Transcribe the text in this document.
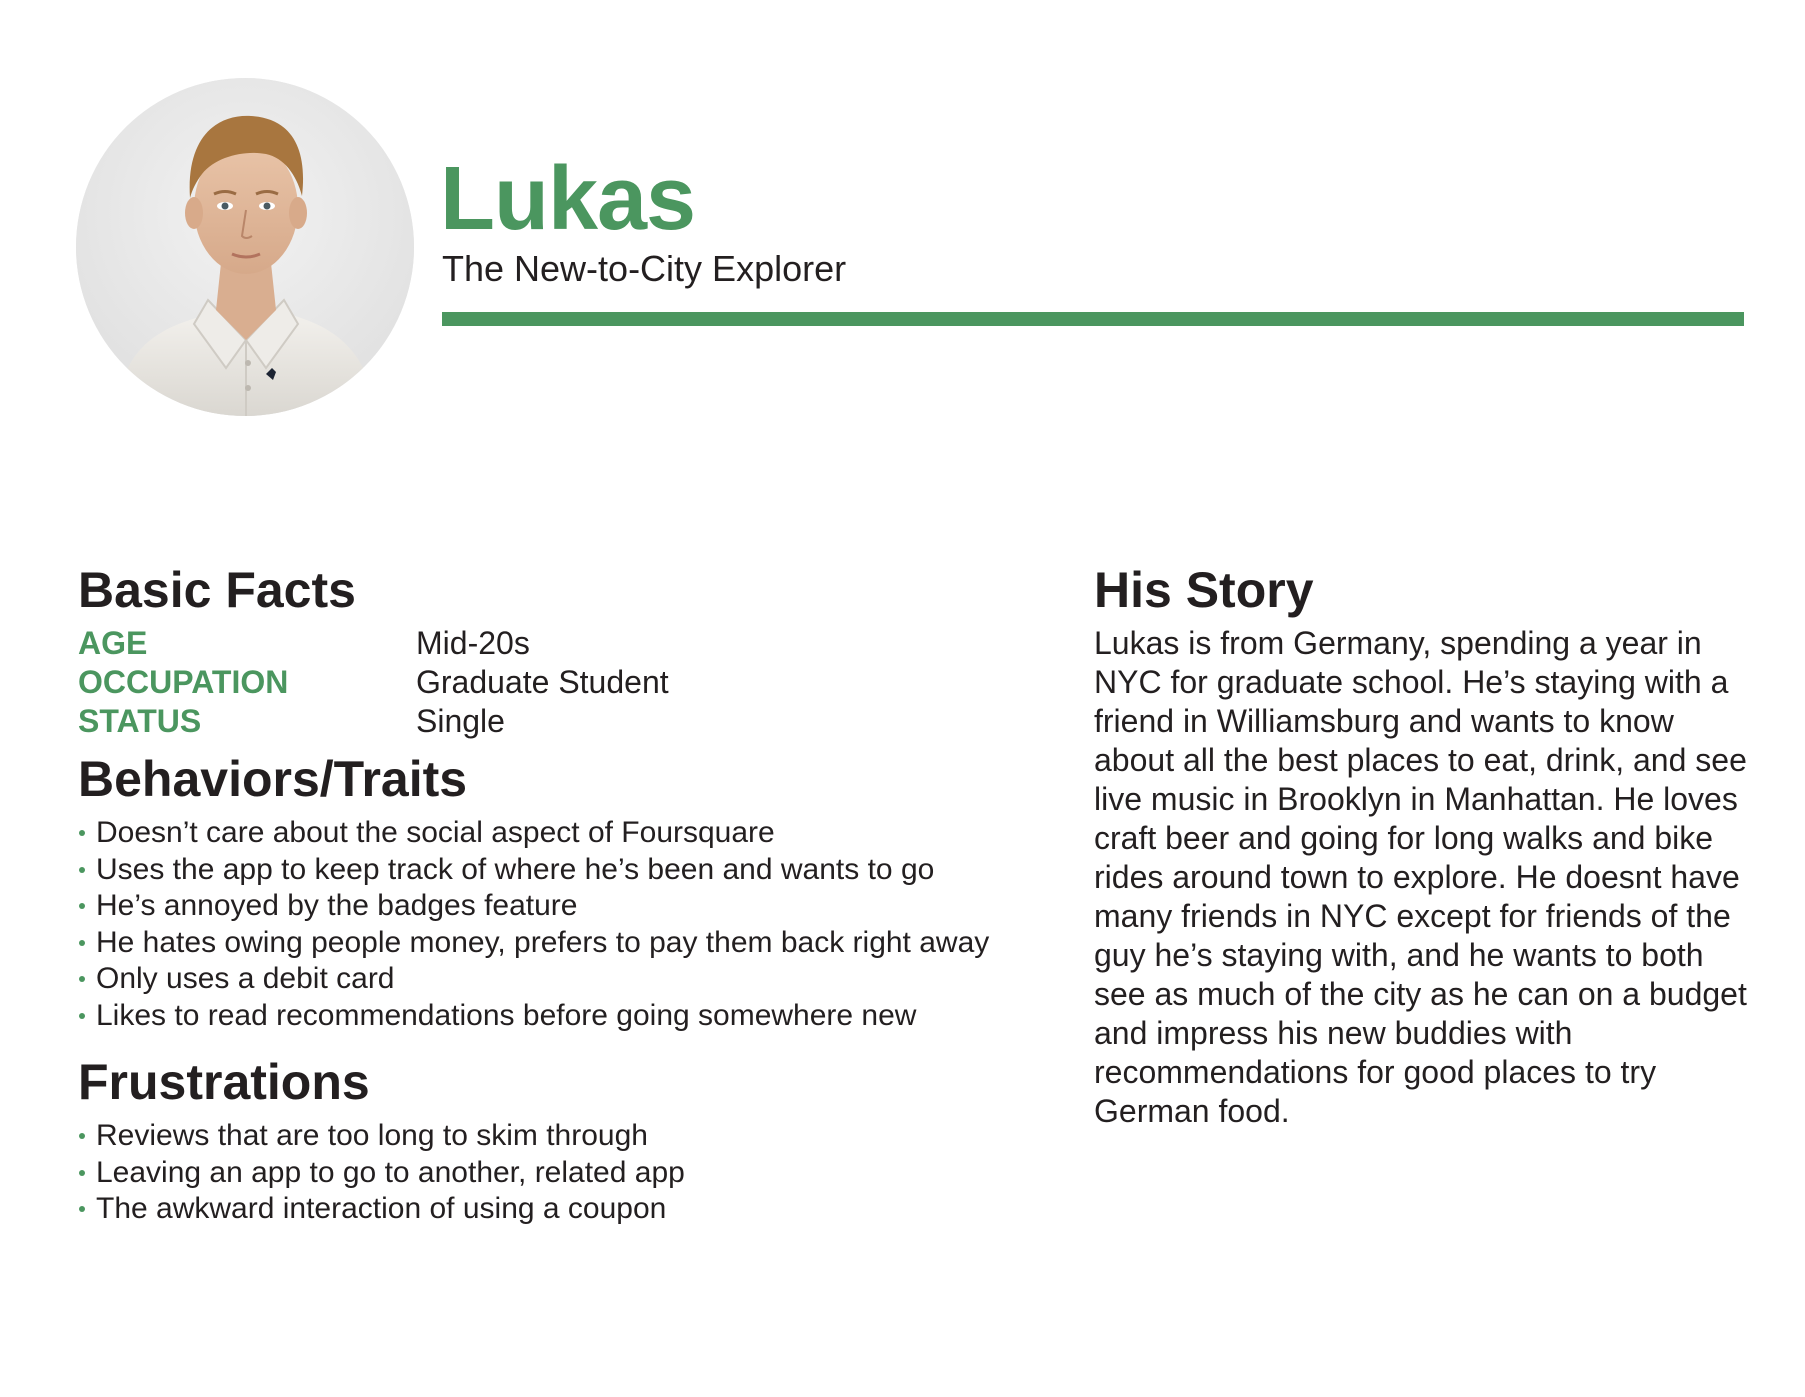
Lukas

The New-to-City Explorer

Basic Facts
AGE	Mid-20s
OCCUPATION	Graduate Student
STATUS	Single
Behaviors/Traits
Doesn’t care about the social aspect of Foursquare
Uses the app to keep track of where he’s been and wants to go
He’s annoyed by the badges feature
He hates owing people money, prefers to pay them back right away
Only uses a debit card
Likes to read recommendations before going somewhere new
Frustrations
Reviews that are too long to skim through
Leaving an app to go to another, related app
The awkward interaction of using a coupon
His Story

Lukas is from Germany, spending a year in NYC for graduate school. He’s staying with a friend in Williamsburg and wants to know about all the best places to eat, drink, and see live music in Brooklyn in Manhattan. He loves craft beer and going for long walks and bike rides around town to explore. He doesnt have many friends in NYC except for friends of the guy he’s staying with, and he wants to both see as much of the city as he can on a budget and impress his new buddies with recommendations for good places to try German food.
